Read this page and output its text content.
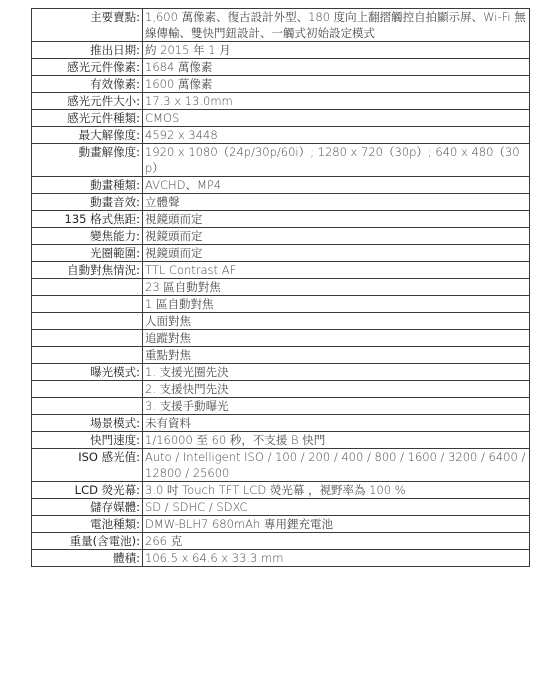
主要賣點:	1,600 萬像素、復古設計外型、180 度向上翻摺觸控自拍顯示屏、Wi-Fi 無線傳輸、雙快門鈕設計、一觸式初始設定模式
推出日期:	約 2015 年 1 月
感光元件像素:	1684 萬像素
有效像素:	1600 萬像素
感光元件大小:	17.3 x 13.0mm
感光元件種類:	CMOS
最大解像度:	4592 x 3448
動畫解像度:	1920 x 1080（24p/30p/60i）; 1280 x 720（30p）; 640 x 480（30p）
動畫種類:	AVCHD、MP4
動畫音效:	立體聲
135 格式焦距:	視鏡頭而定
變焦能力:	視鏡頭而定
光圈範圍:	視鏡頭而定
自動對焦情況:	TTL Contrast AF
	23 區自動對焦
	1 區自動對焦
	人面對焦
	追蹤對焦
	重點對焦
曝光模式:	1. 支援光圈先決
	2. 支援快門先決
	3. 支援手動曝光
場景模式:	未有資料
快門速度:	1/16000 至 60 秒，不支援 B 快門
ISO 感光值:	Auto / Intelligent ISO / 100 / 200 / 400 / 800 / 1600 / 3200 / 6400 / 12800 / 25600
LCD 熒光幕:	3.0 吋 Touch TFT LCD 熒光幕 ，視野率為 100 %
儲存媒體:	SD / SDHC / SDXC
電池種類:	DMW-BLH7 680mAh 專用鋰充電池
重量(含電池):	266 克
體積:	106.5 x 64.6 x 33.3 mm
